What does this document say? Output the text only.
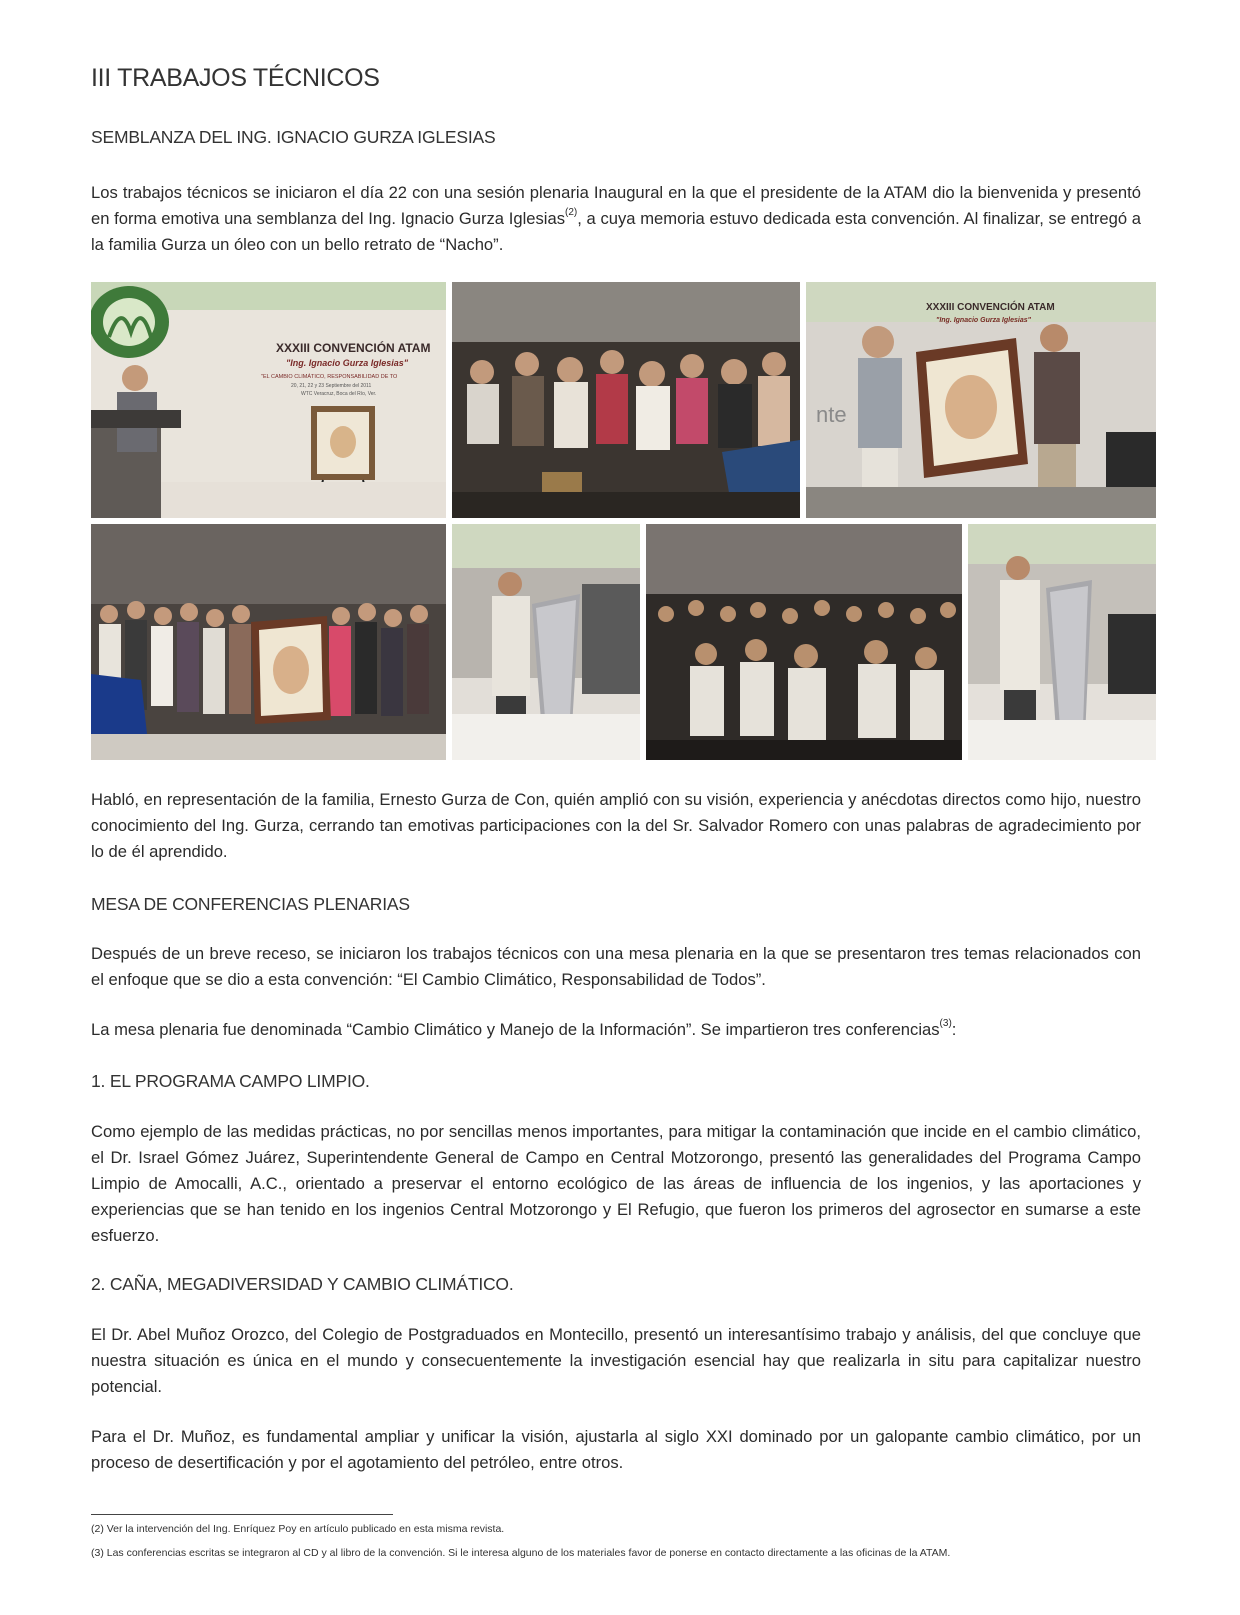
III TRABAJOS TÉCNICOS
SEMBLANZA DEL ING. IGNACIO GURZA IGLESIAS

Los trabajos técnicos se iniciaron el día 22 con una sesión plenaria Inaugural en la que el presidente de la ATAM dio la bienvenida y presentó en forma emotiva una semblanza del Ing. Ignacio Gurza Iglesias$^{(2)}$, a cuya memoria estuvo dedicada esta convención. Al finalizar, se entregó a la familia Gurza un óleo con un bello retrato de “Nacho”.

XXXIII CONVENCIÓN ATAM
"Ing. Ignacio Gurza Iglesias"
"EL CAMBIO CLIMÁTICO, RESPONSABILIDAD DE TO
20, 21, 22 y 23 Septiembre del 2011
WTC Veracruz, Boca del Río, Ver.
XXXIII CONVENCIÓN ATAM
"Ing. Ignacio Gurza Iglesias"
nte

Habló, en representación de la familia, Ernesto Gurza de Con, quién amplió con su visión, experiencia y anécdotas directos como hijo, nuestro conocimiento del Ing. Gurza, cerrando tan emotivas participaciones con la del Sr. Salvador Romero con unas palabras de agradecimiento por lo de él aprendido.

MESA DE CONFERENCIAS PLENARIAS

Después de un breve receso, se iniciaron los trabajos técnicos con una mesa plenaria en la que se presentaron tres temas relacionados con el enfoque que se dio a esta convención: “El Cambio Climático, Responsabilidad de Todos”.

La mesa plenaria fue denominada “Cambio Climático y Manejo de la Información”. Se impartieron tres conferencias$^{(3)}$:

1. EL PROGRAMA CAMPO LIMPIO.

Como ejemplo de las medidas prácticas, no por sencillas menos importantes, para mitigar la contaminación que incide en el cambio climático, el Dr. Israel Gómez Juárez, Superintendente General de Campo en Central Motzorongo, presentó las generalidades del Programa Campo Limpio de Amocalli, A.C., orientado a preservar el entorno ecológico de las áreas de influencia de los ingenios, y las aportaciones y experiencias que se han tenido en los ingenios Central Motzorongo y El Refugio, que fueron los primeros del agrosector en sumarse a este esfuerzo.

2. CAÑA, MEGADIVERSIDAD Y CAMBIO CLIMÁTICO.

El Dr. Abel Muñoz Orozco, del Colegio de Postgraduados en Montecillo, presentó un interesantísimo trabajo y análisis, del que concluye que nuestra situación es única en el mundo y consecuentemente la investigación esencial hay que realizarla in situ para capitalizar nuestro potencial.

Para el Dr. Muñoz, es fundamental ampliar y unificar la visión, ajustarla al siglo XXI dominado por un galopante cambio climático, por un proceso de desertificación y por el agotamiento del petróleo, entre otros.

(2) Ver la intervención del Ing. Enríquez Poy en artículo publicado en esta misma revista.

(3) Las conferencias escritas se integraron al CD y al libro de la convención. Si le interesa alguno de los materiales favor de ponerse en contacto directamente a las oficinas de la ATAM.
